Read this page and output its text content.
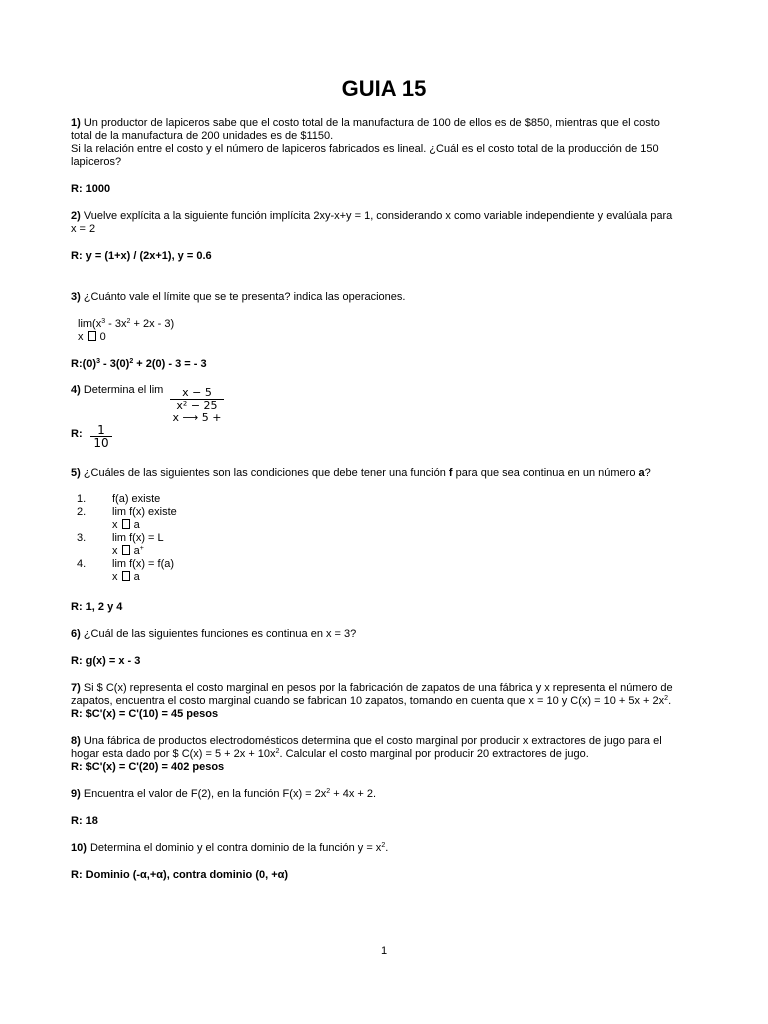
GUIA 15
1) Un productor de lapiceros sabe que el costo total de la manufactura de 100 de ellos es de $850, mientras que el costo
total de la manufactura de 200 unidades es de $1150.
Si la relación entre el costo y el número de lapiceros fabricados es lineal. ¿Cuál es el costo total de la producción de 150
lapiceros?
R: 1000
2) Vuelve explícita a la siguiente función implícita 2xy-x+y = 1, considerando x como variable independiente y evalúala para
x = 2
R: y = (1+x) / (2x+1), y = 0.6
3) ¿Cuánto vale el límite que se te presenta? indica las operaciones.
$\lim(x^3 - 3x^2 + 2x - 3)$
x 0
$R:(0)^3 - 3(0)^2 + 2(0) - 3$ = - 3
4) Determina el lim	x − 5
x² − 25
x ⟶ 5 +
R: $\frac{1}{10}$
5) ¿Cuáles de las siguientes son las condiciones que debe tener una función f para que sea continua en un número a?
1.	f(a) existe
2.	lim f(x) existe
x  a
3.	lim f(x) = L
x  a+
4.	lim f(x) = f(a)
x  a
R: 1, 2 y 4
6) ¿Cuál de las siguientes funciones es continua en x = 3?
R: g(x) = x - 3
7) Si $ C(x) representa el costo marginal en pesos por la fabricación de zapatos de una fábrica y x representa el número de
zapatos, encuentra el costo marginal cuando se fabrican 10 zapatos, tomando en cuenta que x = 10 y $C(x) = 10 + 5x + 2x^2$.
R: $C'(x) = C'(10) = 45 pesos
8) Una fábrica de productos electrodomésticos determina que el costo marginal por producir x extractores de jugo para el
hogar esta dado por $ $C(x) = 5 + 2x + 10x^2$. Calcular el costo marginal por producir 20 extractores de jugo.
R: $C'(x) = C'(20) = 402 pesos
9) Encuentra el valor de F(2), en la función $F(x) = 2x^2 + 4x + 2$.
R: 18
10) Determina el dominio y el contra dominio de la función $y = x^2$.
R: Dominio (-α,+α), contra dominio (0, +α)
1
